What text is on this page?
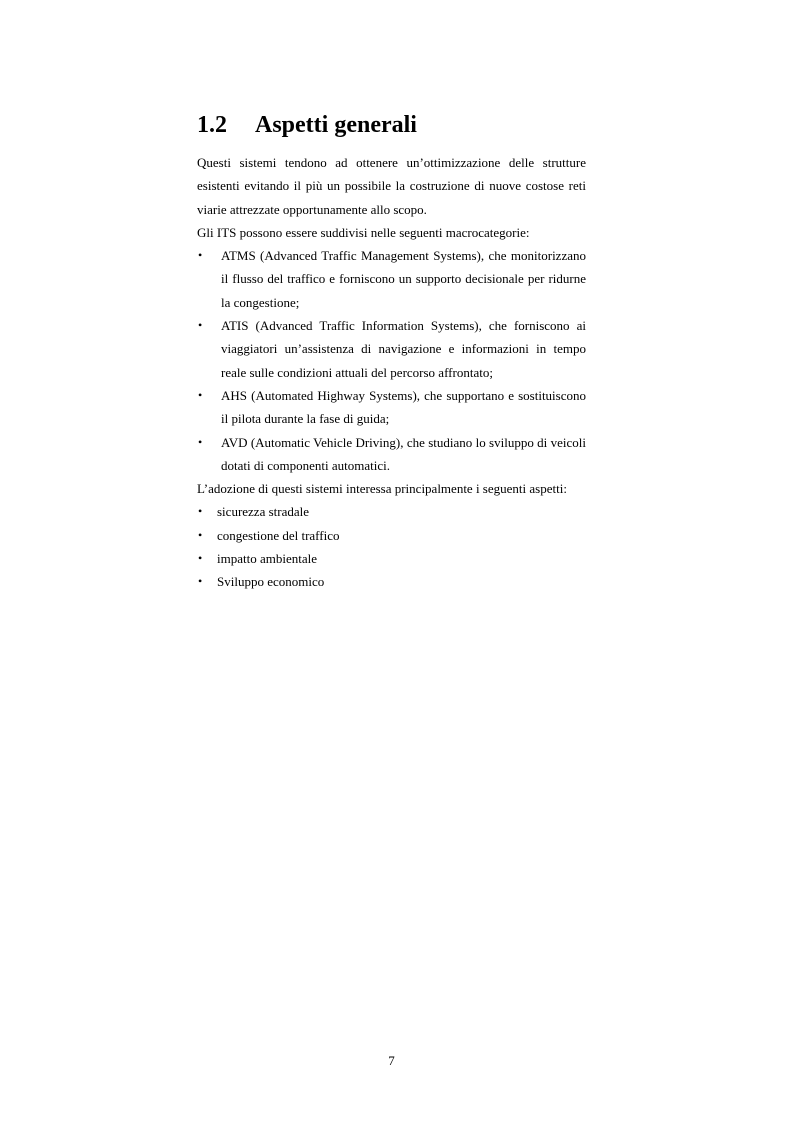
1.2 Aspetti generali

Questi sistemi tendono ad ottenere un’ottimizzazione delle strutture esistenti evitando il più un possibile la costruzione di nuove costose reti viarie attrezzate opportunamente allo scopo.

Gli ITS possono essere suddivisi nelle seguenti macrocategorie:

• ATMS (Advanced Traffic Management Systems), che monitorizzano il flusso del traffico e forniscono un supporto decisionale per ridurne la congestione;
• ATIS (Advanced Traffic Information Systems), che forniscono ai viaggiatori un’assistenza di navigazione e informazioni in tempo reale sulle condizioni attuali del percorso affrontato;
• AHS (Automated Highway Systems), che supportano e sostituiscono il pilota durante la fase di guida;
• AVD (Automatic Vehicle Driving), che studiano lo sviluppo di veicoli dotati di componenti automatici.

L’adozione di questi sistemi interessa principalmente i seguenti aspetti:

• sicurezza stradale
• congestione del traffico
• impatto ambientale
• Sviluppo economico
7
